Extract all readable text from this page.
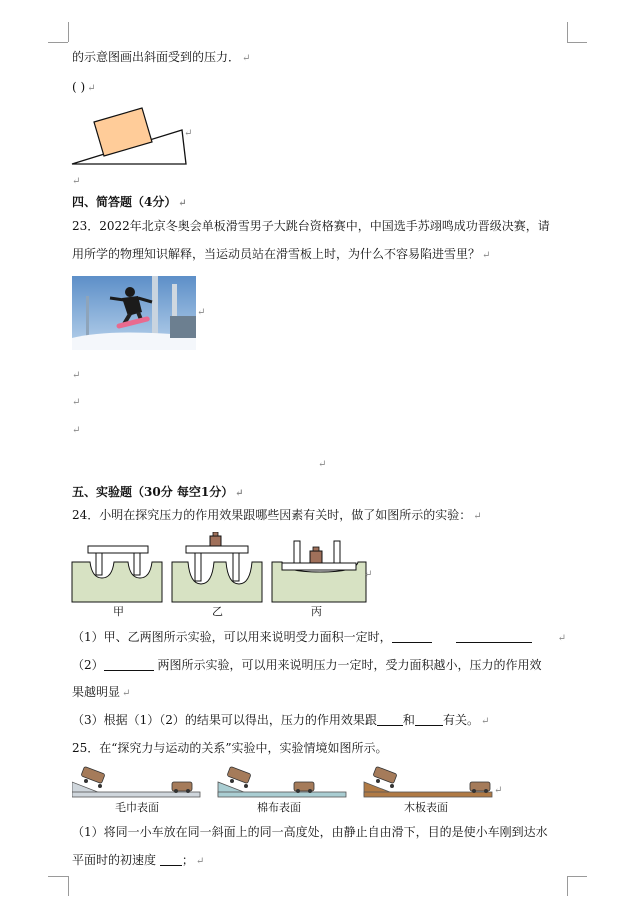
的示意图画出斜面受到的压力． ↵
( ) ↵
↵
↵
四、简答题（4分） ↵
23．2022年北京冬奥会单板滑雪男子大跳台资格赛中，中国选手苏翊鸣成功晋级决赛，请
用所学的物理知识解释，当运动员站在滑雪板上时，为什么不容易陷进雪里？ ↵
↵
↵
↵
↵
↵
五、实验题（30分 每空1分） ↵
24．小明在探究压力的作用效果跟哪些因素有关时，做了如图所示的实验： ↵
↵
甲	乙	丙
（1）甲、乙两图所示实验，可以用来说明受力面积一定时，	↵
（2）	两图所示实验，可以用来说明压力一定时，受力面积越小，压力的作用效
果越明显 ↵
（3）根据（1）（2）的结果可以得出，压力的作用效果跟 和 有关。 ↵
25．在“探究力与运动的关系”实验中，实验情境如图所示。
↵
毛巾表面	棉布表面	木板表面
（1）将同一小车放在同一斜面上的同一高度处，由静止自由滑下，目的是使小车刚到达水
平面时的初速度 ； ↵
